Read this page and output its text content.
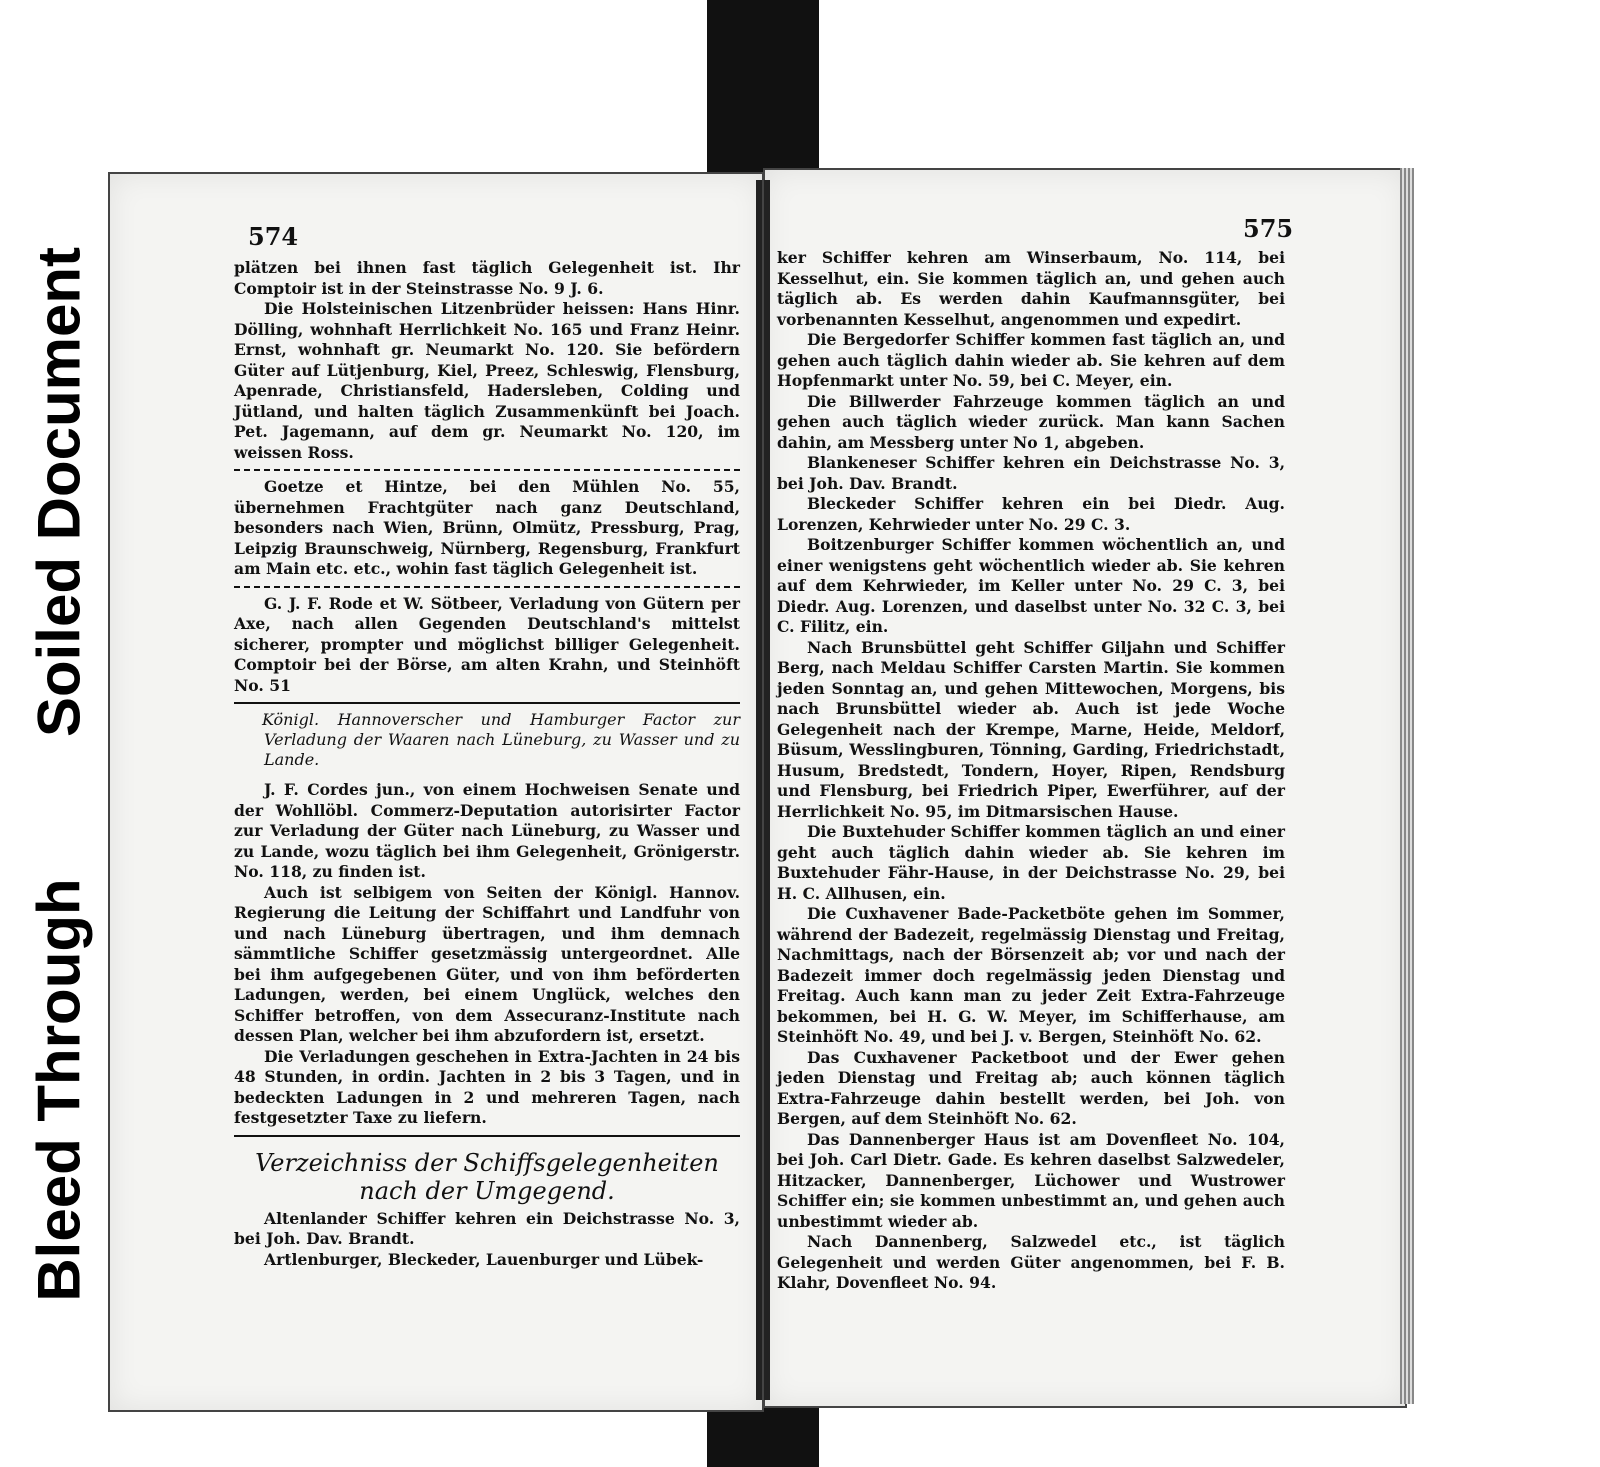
Soiled Document
Bleed Through
574

plätzen bei ihnen fast täglich Gelegenheit ist. Ihr Comptoir ist in der Steinstrasse No. 9 J. 6.

Die Holsteinischen Litzenbrüder heissen: Hans Hinr. Dölling, wohnhaft Herrlichkeit No. 165 und Franz Heinr. Ernst, wohnhaft gr. Neumarkt No. 120. Sie befördern Güter auf Lütjenburg, Kiel, Preez, Schleswig, Flensburg, Apenrade, Christiansfeld, Hadersleben, Colding und Jütland, und halten täglich Zusammenkünft bei Joach. Pet. Jagemann, auf dem gr. Neumarkt No. 120, im weissen Ross.

Goetze et Hintze, bei den Mühlen No. 55, übernehmen Frachtgüter nach ganz Deutschland, besonders nach Wien, Brünn, Olmütz, Pressburg, Prag, Leipzig Braunschweig, Nürnberg, Regensburg, Frankfurt am Main etc. etc., wohin fast täglich Gelegenheit ist.

G. J. F. Rode et W. Sötbeer, Verladung von Gütern per Axe, nach allen Gegenden Deutschland's mittelst sicherer, prompter und möglichst billiger Gelegenheit. Comptoir bei der Börse, am alten Krahn, und Steinhöft No. 51

Königl. Hannoverscher und Hamburger Factor zur Verladung der Waaren nach Lüneburg, zu Wasser und zu Lande.

J. F. Cordes jun., von einem Hochweisen Senate und der Wohllöbl. Commerz-Deputation autorisirter Factor zur Verladung der Güter nach Lüneburg, zu Wasser und zu Lande, wozu täglich bei ihm Gelegenheit, Grönigerstr. No. 118, zu finden ist.

Auch ist selbigem von Seiten der Königl. Hannov. Regierung die Leitung der Schiffahrt und Landfuhr von und nach Lüneburg übertragen, und ihm demnach sämmtliche Schiffer gesetzmässig untergeordnet. Alle bei ihm aufgegebenen Güter, und von ihm beförderten Ladungen, werden, bei einem Unglück, welches den Schiffer betroffen, von dem Assecuranz-Institute nach dessen Plan, welcher bei ihm abzufordern ist, ersetzt.

Die Verladungen geschehen in Extra-Jachten in 24 bis 48 Stunden, in ordin. Jachten in 2 bis 3 Tagen, und in bedeckten Ladungen in 2 und mehreren Tagen, nach festgesetzter Taxe zu liefern.

Verzeichniss der Schiffsgelegenheiten nach der Umgegend.

Altenlander Schiffer kehren ein Deichstrasse No. 3, bei Joh. Dav. Brandt.

Artlenburger, Bleckeder, Lauenburger und Lübek-

575

ker Schiffer kehren am Winserbaum, No. 114, bei Kesselhut, ein. Sie kommen täglich an, und gehen auch täglich ab. Es werden dahin Kaufmannsgüter, bei vorbenannten Kesselhut, angenommen und expedirt.

Die Bergedorfer Schiffer kommen fast täglich an, und gehen auch täglich dahin wieder ab. Sie kehren auf dem Hopfenmarkt unter No. 59, bei C. Meyer, ein.

Die Billwerder Fahrzeuge kommen täglich an und gehen auch täglich wieder zurück. Man kann Sachen dahin, am Messberg unter No 1, abgeben.

Blankeneser Schiffer kehren ein Deichstrasse No. 3, bei Joh. Dav. Brandt.

Bleckeder Schiffer kehren ein bei Diedr. Aug. Lorenzen, Kehrwieder unter No. 29 C. 3.

Boitzenburger Schiffer kommen wöchentlich an, und einer wenigstens geht wöchentlich wieder ab. Sie kehren auf dem Kehrwieder, im Keller unter No. 29 C. 3, bei Diedr. Aug. Lorenzen, und daselbst unter No. 32 C. 3, bei C. Filitz, ein.

Nach Brunsbüttel geht Schiffer Giljahn und Schiffer Berg, nach Meldau Schiffer Carsten Martin. Sie kommen jeden Sonntag an, und gehen Mittewochen, Morgens, bis nach Brunsbüttel wieder ab. Auch ist jede Woche Gelegenheit nach der Krempe, Marne, Heide, Meldorf, Büsum, Wesslingburen, Tönning, Garding, Friedrichstadt, Husum, Bredstedt, Tondern, Hoyer, Ripen, Rendsburg und Flensburg, bei Friedrich Piper, Ewerführer, auf der Herrlichkeit No. 95, im Ditmarsischen Hause.

Die Buxtehuder Schiffer kommen täglich an und einer geht auch täglich dahin wieder ab. Sie kehren im Buxtehuder Fähr-Hause, in der Deichstrasse No. 29, bei H. C. Allhusen, ein.

Die Cuxhavener Bade-Packetböte gehen im Sommer, während der Badezeit, regelmässig Dienstag und Freitag, Nachmittags, nach der Börsenzeit ab; vor und nach der Badezeit immer doch regelmässig jeden Dienstag und Freitag. Auch kann man zu jeder Zeit Extra-Fahrzeuge bekommen, bei H. G. W. Meyer, im Schifferhause, am Steinhöft No. 49, und bei J. v. Bergen, Steinhöft No. 62.

Das Cuxhavener Packetboot und der Ewer gehen jeden Dienstag und Freitag ab; auch können täglich Extra-Fahrzeuge dahin bestellt werden, bei Joh. von Bergen, auf dem Steinhöft No. 62.

Das Dannenberger Haus ist am Dovenfleet No. 104, bei Joh. Carl Dietr. Gade. Es kehren daselbst Salzwedeler, Hitzacker, Dannenberger, Lüchower und Wustrower Schiffer ein; sie kommen unbestimmt an, und gehen auch unbestimmt wieder ab.

Nach Dannenberg, Salzwedel etc., ist täglich Gelegenheit und werden Güter angenommen, bei F. B. Klahr, Dovenfleet No. 94.
